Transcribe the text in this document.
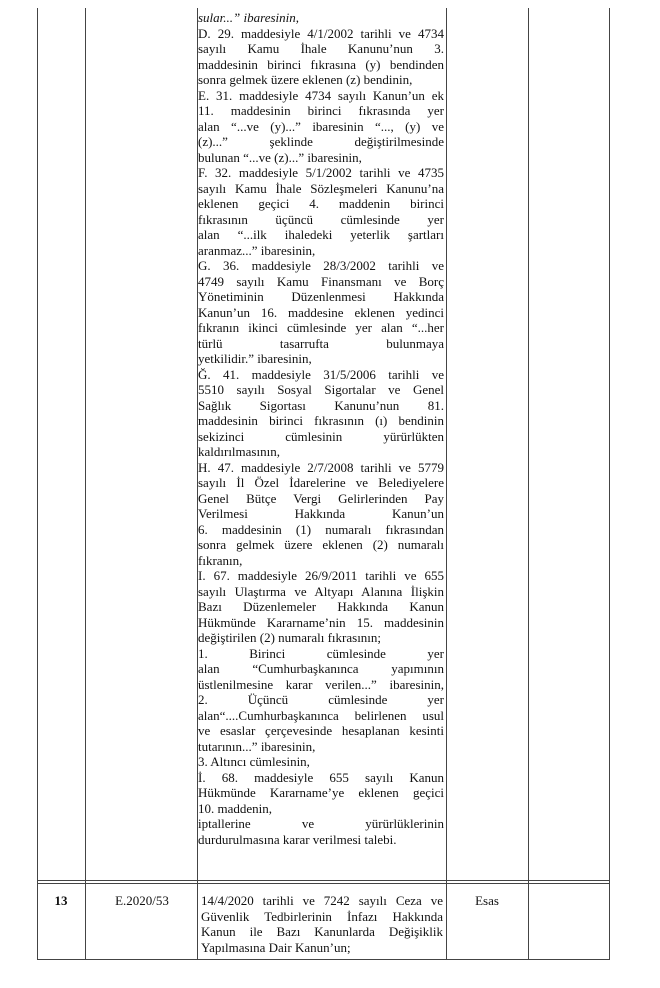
sular...” ibaresinin,
D. 29. maddesiyle 4/1/2002 tarihli ve 4734
sayılı Kamu İhale Kanunu’nun 3.
maddesinin birinci fıkrasına (y) bendinden
sonra gelmek üzere eklenen (z) bendinin,
E. 31. maddesiyle 4734 sayılı Kanun’un ek
11. maddesinin birinci fıkrasında yer
alan “...ve (y)...” ibaresinin “..., (y) ve
(z)...” şeklinde değiştirilmesinde
bulunan “...ve (z)...” ibaresinin,
F. 32. maddesiyle 5/1/2002 tarihli ve 4735
sayılı Kamu İhale Sözleşmeleri Kanunu’na
eklenen geçici 4. maddenin birinci
fıkrasının üçüncü cümlesinde yer
alan “...ilk ihaledeki yeterlik şartları
aranmaz...” ibaresinin,
G. 36. maddesiyle 28/3/2002 tarihli ve
4749 sayılı Kamu Finansmanı ve Borç
Yönetiminin Düzenlenmesi Hakkında
Kanun’un 16. maddesine eklenen yedinci
fıkranın ikinci cümlesinde yer alan “...her
türlü tasarrufta bulunmaya
yetkilidir.” ibaresinin,
Ğ. 41. maddesiyle 31/5/2006 tarihli ve
5510 sayılı Sosyal Sigortalar ve Genel
Sağlık Sigortası Kanunu’nun 81.
maddesinin birinci fıkrasının (ı) bendinin
sekizinci cümlesinin yürürlükten
kaldırılmasının,
H. 47. maddesiyle 2/7/2008 tarihli ve 5779
sayılı İl Özel İdarelerine ve Belediyelere
Genel Bütçe Vergi Gelirlerinden Pay
Verilmesi Hakkında Kanun’un
6. maddesinin (1) numaralı fıkrasından
sonra gelmek üzere eklenen (2) numaralı
fıkranın,
I. 67. maddesiyle 26/9/2011 tarihli ve 655
sayılı Ulaştırma ve Altyapı Alanına İlişkin
Bazı Düzenlemeler Hakkında Kanun
Hükmünde Kararname’nin 15. maddesinin
değiştirilen (2) numaralı fıkrasının;
1. Birinci cümlesinde yer
alan “Cumhurbaşkanınca yapımının
üstlenilmesine karar verilen...” ibaresinin,
2. Üçüncü cümlesinde yer
alan“....Cumhurbaşkanınca belirlenen usul
ve esaslar çerçevesinde hesaplanan kesinti
tutarının...” ibaresinin,
3. Altıncı cümlesinin,
İ. 68. maddesiyle 655 sayılı Kanun
Hükmünde Kararname’ye eklenen geçici
10. maddenin,
iptallerine ve yürürlüklerinin
durdurulmasına karar verilmesi talebi.
13	E.2020/53	14/4/2020 tarihli ve 7242 sayılı Ceza ve
Güvenlik Tedbirlerinin İnfazı Hakkında
Kanun ile Bazı Kanunlarda Değişiklik
Yapılmasına Dair Kanun’un;
Esas
